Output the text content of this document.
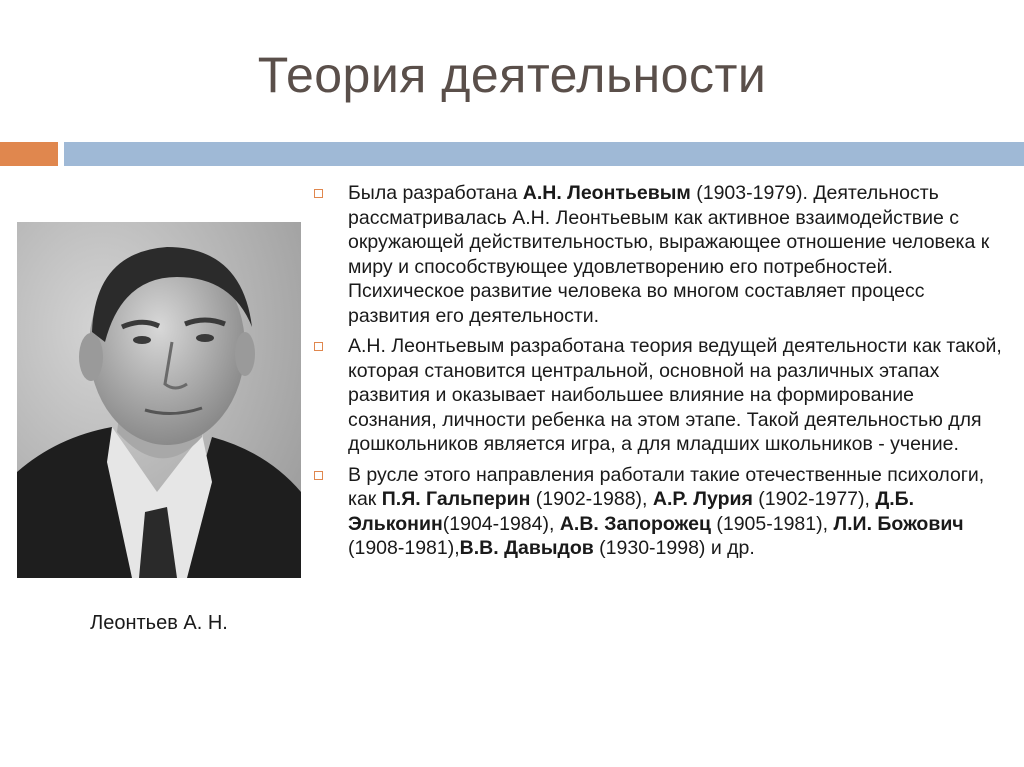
Теория деятельности
Леонтьев А. Н.
Была разработана А.Н. Леонтьевым (1903-1979). Деятельность рассматривалась А.Н. Леонтьевым как активное взаимодействие с окружающей действительностью, выражающее отношение человека к миру и способствующее удовлетворению его потребностей. Психическое развитие человека во многом составляет процесс развития его деятельности.
А.Н. Леонтьевым разработана теория ведущей деятельности как такой, которая становится центральной, основной на различных этапах развития и оказывает наибольшее влияние на формирование сознания, личности ребенка на этом этапе. Такой деятельностью для дошкольников является игра, а для младших школьников - учение.
В русле этого направления работали такие отечественные психологи, как П.Я. Гальперин (1902-1988), А.Р. Лурия (1902-1977), Д.Б. Эльконин(1904-1984), А.В. Запорожец (1905-1981), Л.И. Божович (1908-1981),В.В. Давыдов (1930-1998) и др.
